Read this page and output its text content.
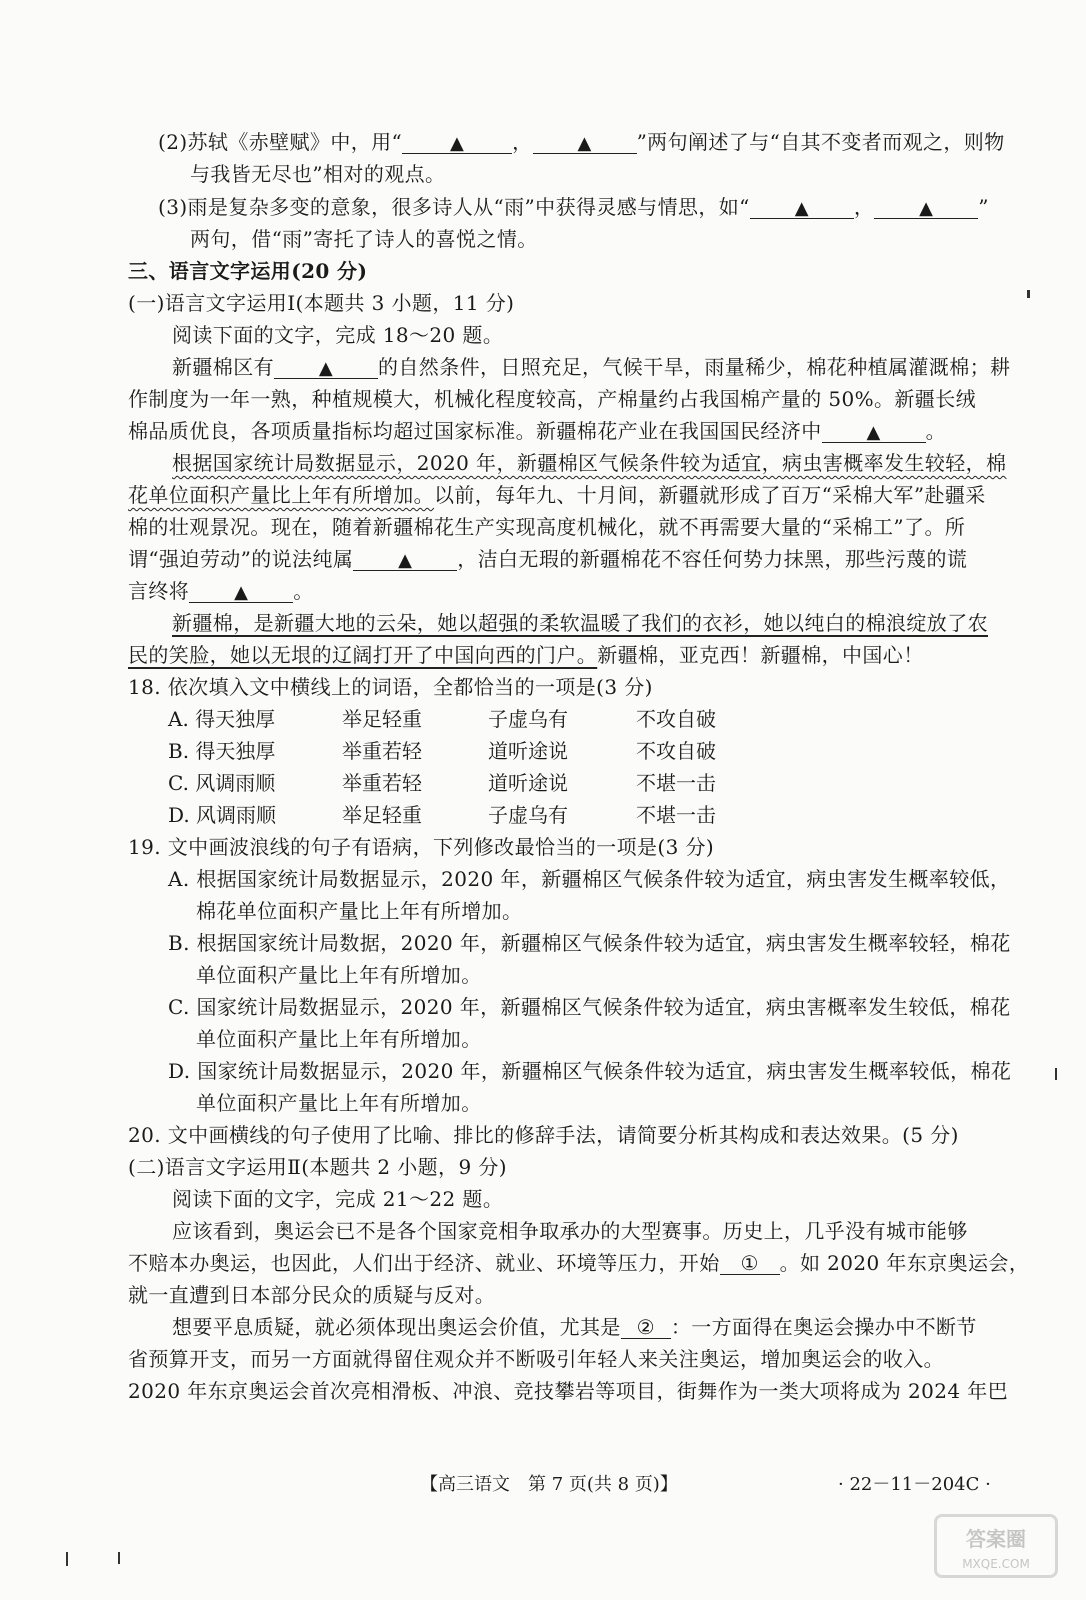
(2)苏轼《赤壁赋》中，用“	▲ ， ▲ ”两句阐述了与“自其不变者而观之，则物
与我皆无尽也”相对的观点。
(3)雨是复杂多变的意象，很多诗人从“雨”中获得灵感与情思，如“ ▲ ， ▲ ”
两句，借“雨”寄托了诗人的喜悦之情。
三、语言文字运用(20 分)
(一)语言文字运用Ⅰ(本题共 3 小题，11 分)
阅读下面的文字，完成 18～20 题。
新疆棉区有 ▲ 的自然条件，日照充足，气候干旱，雨量稀少，棉花种植属灌溉棉；耕
作制度为一年一熟，种植规模大，机械化程度较高，产棉量约占我国棉产量的 50%。新疆长绒
棉品质优良，各项质量指标均超过国家标准。新疆棉花产业在我国国民经济中 ▲ 。
根据国家统计局数据显示，2020 年，新疆棉区气候条件较为适宜，病虫害概率发生较轻，棉
花单位面积产量比上年有所增加。以前，每年九、十月间，新疆就形成了百万“采棉大军”赴疆采
棉的壮观景况。现在，随着新疆棉花生产实现高度机械化，就不再需要大量的“采棉工”了。所
谓“强迫劳动”的说法纯属 ▲ ，洁白无瑕的新疆棉花不容任何势力抹黑，那些污蔑的谎
言终将 ▲ 。
新疆棉，是新疆大地的云朵，她以超强的柔软温暖了我们的衣衫，她以纯白的棉浪绽放了农
民的笑脸，她以无垠的辽阔打开了中国向西的门户。新疆棉，亚克西！新疆棉，中国心！
18. 依次填入文中横线上的词语，全都恰当的一项是(3 分)
A. 得天独厚	举足轻重	子虚乌有	不攻自破
B. 得天独厚	举重若轻	道听途说	不攻自破
C. 风调雨顺	举重若轻	道听途说	不堪一击
D. 风调雨顺	举足轻重	子虚乌有	不堪一击
19. 文中画波浪线的句子有语病，下列修改最恰当的一项是(3 分)
A. 根据国家统计局数据显示，2020 年，新疆棉区气候条件较为适宜，病虫害发生概率较低，
棉花单位面积产量比上年有所增加。
B. 根据国家统计局数据，2020 年，新疆棉区气候条件较为适宜，病虫害发生概率较轻，棉花
单位面积产量比上年有所增加。
C. 国家统计局数据显示，2020 年，新疆棉区气候条件较为适宜，病虫害概率发生较低，棉花
单位面积产量比上年有所增加。
D. 国家统计局数据显示，2020 年，新疆棉区气候条件较为适宜，病虫害发生概率较低，棉花
单位面积产量比上年有所增加。
20. 文中画横线的句子使用了比喻、排比的修辞手法，请简要分析其构成和表达效果。(5 分)
(二)语言文字运用Ⅱ(本题共 2 小题，9 分)
阅读下面的文字，完成 21～22 题。
应该看到，奥运会已不是各个国家竞相争取承办的大型赛事。历史上，几乎没有城市能够
不赔本办奥运，也因此，人们出于经济、就业、环境等压力，开始 ① 。如 2020 年东京奥运会，
就一直遭到日本部分民众的质疑与反对。
想要平息质疑，就必须体现出奥运会价值，尤其是 ② ：一方面得在奥运会操办中不断节
省预算开支，而另一方面就得留住观众并不断吸引年轻人来关注奥运，增加奥运会的收入。
2020 年东京奥运会首次亮相滑板、冲浪、竞技攀岩等项目，街舞作为一类大项将成为 2024 年巴
【高三语文　第 7 页(共 8 页)】	· 22－11－204C ·
答案圈
MXQE.COM
